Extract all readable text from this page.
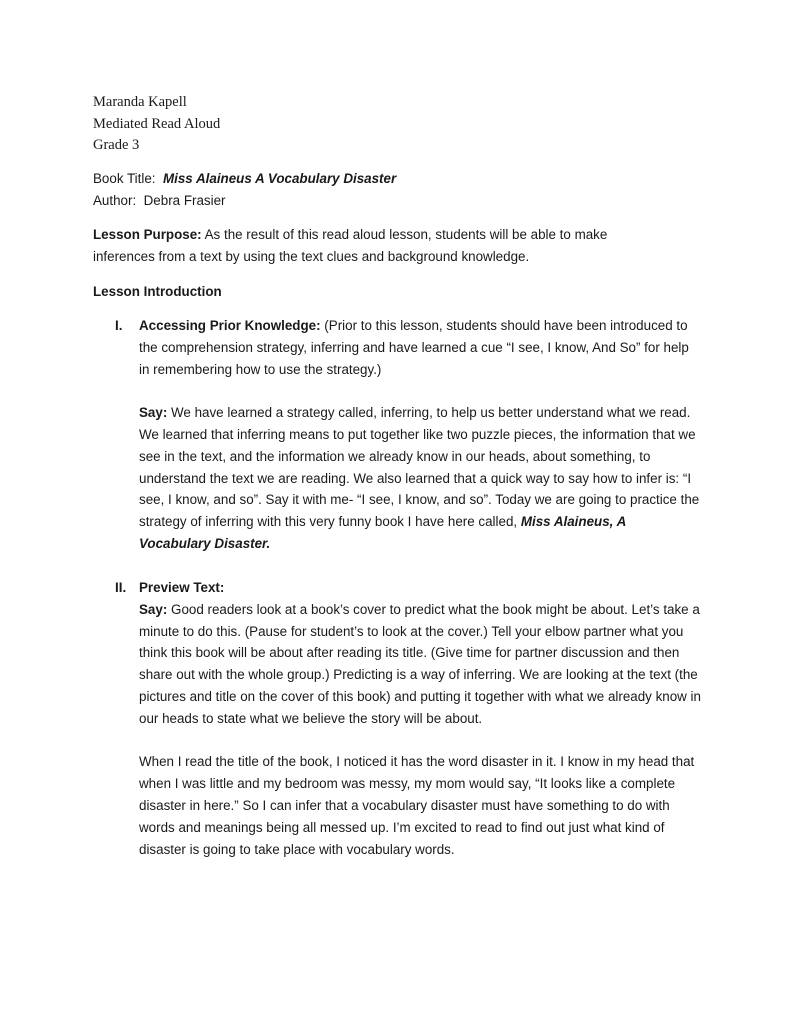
Maranda Kapell
Mediated Read Aloud
Grade 3
Book Title: Miss Alaineus A Vocabulary Disaster
Author: Debra Frasier
Lesson Purpose: As the result of this read aloud lesson, students will be able to make inferences from a text by using the text clues and background knowledge.
Lesson Introduction
I. Accessing Prior Knowledge: (Prior to this lesson, students should have been introduced to the comprehension strategy, inferring and have learned a cue “I see, I know, And So” for help in remembering how to use the strategy.)

Say: We have learned a strategy called, inferring, to help us better understand what we read. We learned that inferring means to put together like two puzzle pieces, the information that we see in the text, and the information we already know in our heads, about something, to understand the text we are reading. We also learned that a quick way to say how to infer is: “I see, I know, and so”. Say it with me- “I see, I know, and so”. Today we are going to practice the strategy of inferring with this very funny book I have here called, Miss Alaineus, A Vocabulary Disaster.

II. Preview Text:

Say: Good readers look at a book’s cover to predict what the book might be about. Let’s take a minute to do this. (Pause for student’s to look at the cover.) Tell your elbow partner what you think this book will be about after reading its title. (Give time for partner discussion and then share out with the whole group.) Predicting is a way of inferring. We are looking at the text (the pictures and title on the cover of this book) and putting it together with what we already know in our heads to state what we believe the story will be about.

When I read the title of the book, I noticed it has the word disaster in it. I know in my head that when I was little and my bedroom was messy, my mom would say, “It looks like a complete disaster in here.” So I can infer that a vocabulary disaster must have something to do with words and meanings being all messed up. I’m excited to read to find out just what kind of disaster is going to take place with vocabulary words.
